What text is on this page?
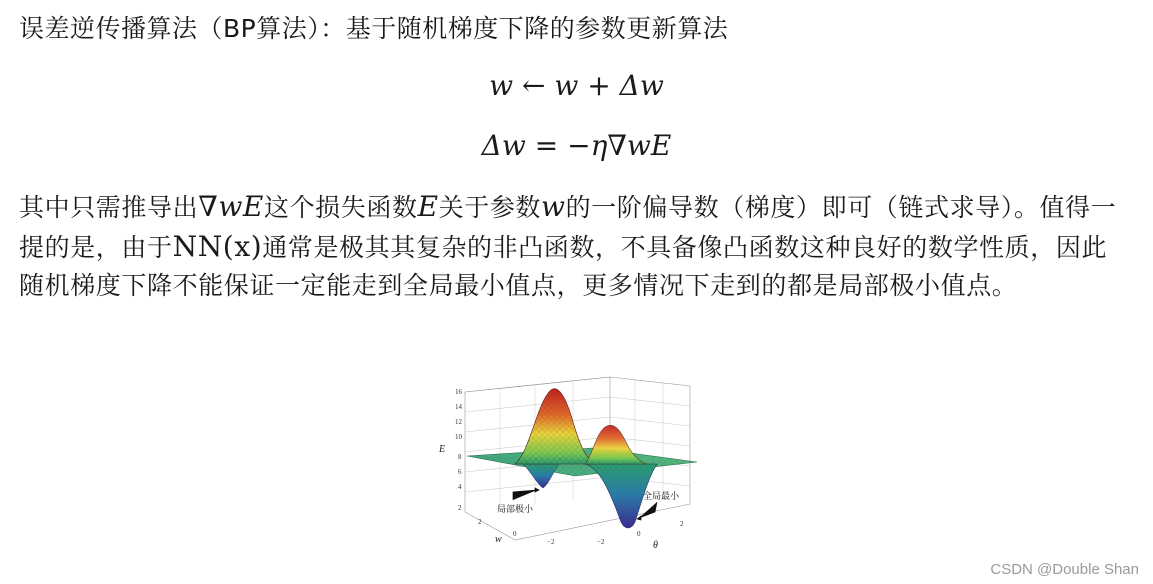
误差逆传播算法（BP算法）：基于随机梯度下降的参数更新算法
w ← w + Δw
Δw = −η∇wE
其中只需推导出∇wE这个损失函数E关于参数w的一阶偏导数（梯度）即可（链式求导）。值得一提的是，由于NN(x)通常是极其其复杂的非凸函数，不具备像凸函数这种良好的数学性质，因此随机梯度下降不能保证一定能走到全局最小值点，更多情况下走到的都是局部极小值点。
16
14
12
10
8
6
4
2
E
2
0
−2
w	−2
0
2
θ
局部极小
全局最小
CSDN @Double Shan
